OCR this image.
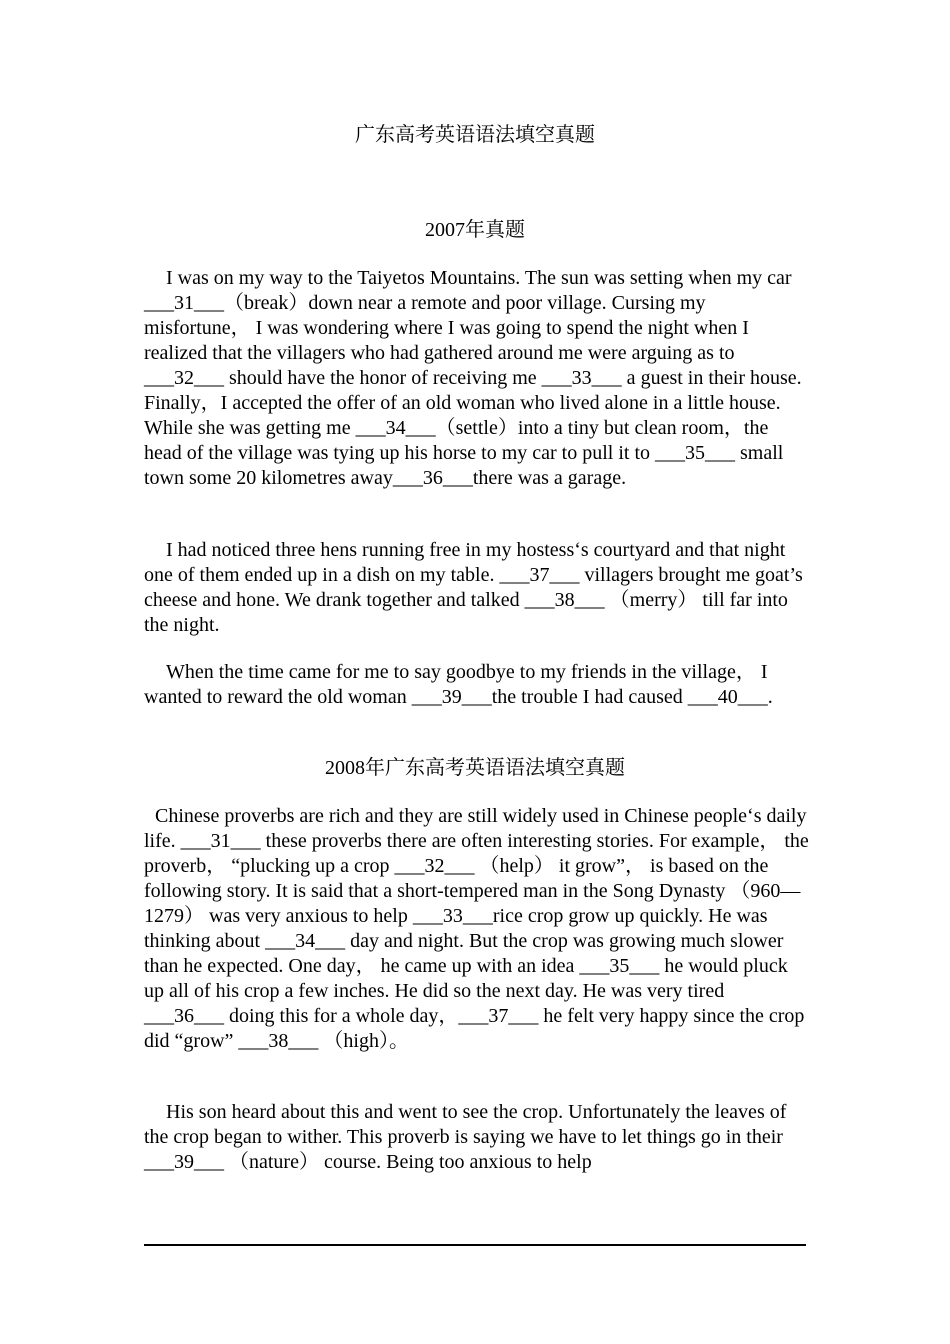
广东高考英语语法填空真题
2007年真题
I was on my way to the Taiyetos Mountains. The sun was setting when my car ___31___（break）down near a remote and poor village. Cursing my misfortune， I was wondering where I was going to spend the night when I realized that the villagers who had gathered around me were arguing as to ___32___ should have the honor of receiving me ___33___ a guest in their house. Finally，I accepted the offer of an old woman who lived alone in a little house. While she was getting me ___34___（settle）into a tiny but clean room，the head of the village was tying up his horse to my car to pull it to ___35___ small town some 20 kilometres away___36___there was a garage.
I had noticed three hens running free in my hostess‘s courtyard and that night one of them ended up in a dish on my table. ___37___ villagers brought me goat’s cheese and hone. We drank together and talked ___38___ （merry） till far into the night.
When the time came for me to say goodbye to my friends in the village， I wanted to reward the old woman ___39___the trouble I had caused ___40___.
2008年广东高考英语语法填空真题
Chinese proverbs are rich and they are still widely used in Chinese people‘s daily life. ___31___ these proverbs there are often interesting stories. For example， the proverb， “plucking up a crop ___32___ （help） it grow”， is based on the following story. It is said that a short-tempered man in the Song Dynasty （960—1279） was very anxious to help ___33___rice crop grow up quickly. He was thinking about ___34___ day and night. But the crop was growing much slower than he expected. One day， he came up with an idea ___35___ he would pluck up all of his crop a few inches. He did so the next day. He was very tired ___36___ doing this for a whole day，___37___ he felt very happy since the crop did “grow” ___38___ （high）。
His son heard about this and went to see the crop. Unfortunately the leaves of the crop began to wither. This proverb is saying we have to let things go in their ___39___ （nature） course. Being too anxious to help
